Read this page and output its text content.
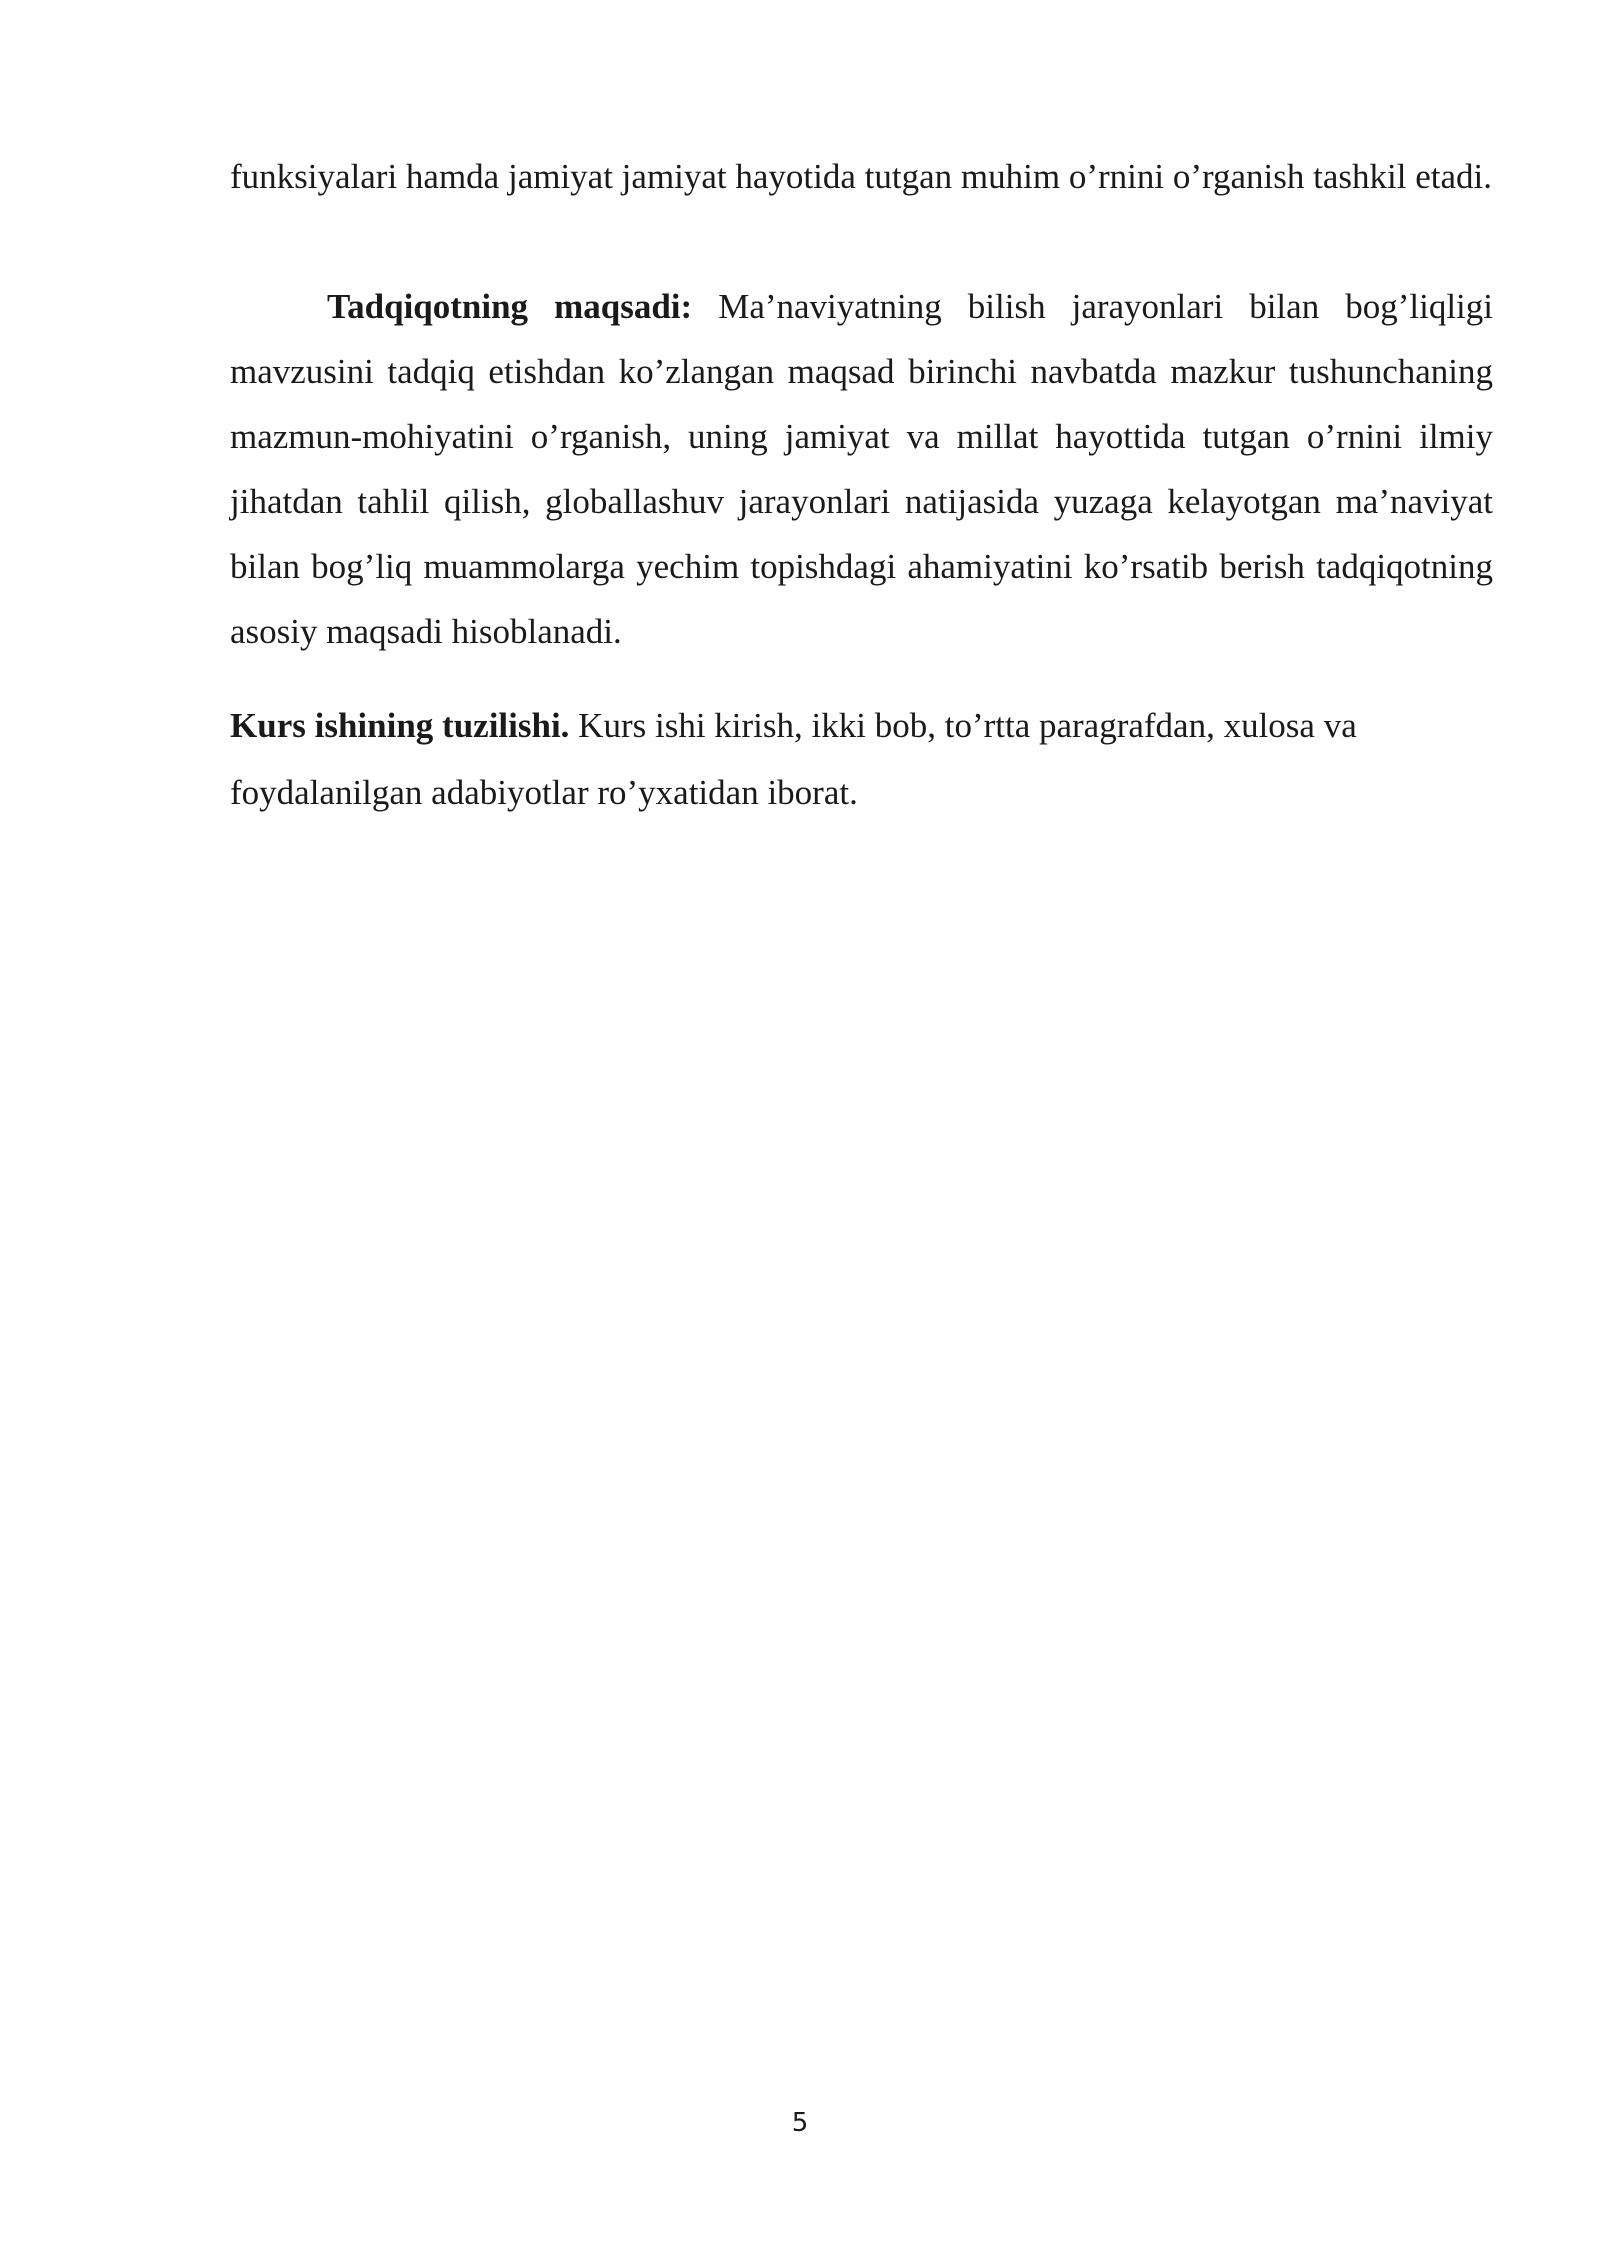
funksiyalari hamda jamiyat jamiyat hayotida tutgan muhim o’rnini o’rganish tashkil etadi.

Tadqiqotning maqsadi: Ma’naviyatning bilish jarayonlari bilan bog’liqligi mavzusini tadqiq etishdan ko’zlangan maqsad birinchi navbatda mazkur tushunchaning mazmun-mohiyatini o’rganish, uning jamiyat va millat hayottida tutgan o’rnini ilmiy jihatdan tahlil qilish, globallashuv jarayonlari natijasida yuzaga kelayotgan ma’naviyat bilan bog’liq muammolarga yechim topishdagi ahamiyatini ko’rsatib berish tadqiqotning asosiy maqsadi hisoblanadi.

Kurs ishining tuzilishi. Kurs ishi kirish, ikki bob, to’rtta paragrafdan, xulosa va foydalanilgan adabiyotlar ro’yxatidan iborat.

5
